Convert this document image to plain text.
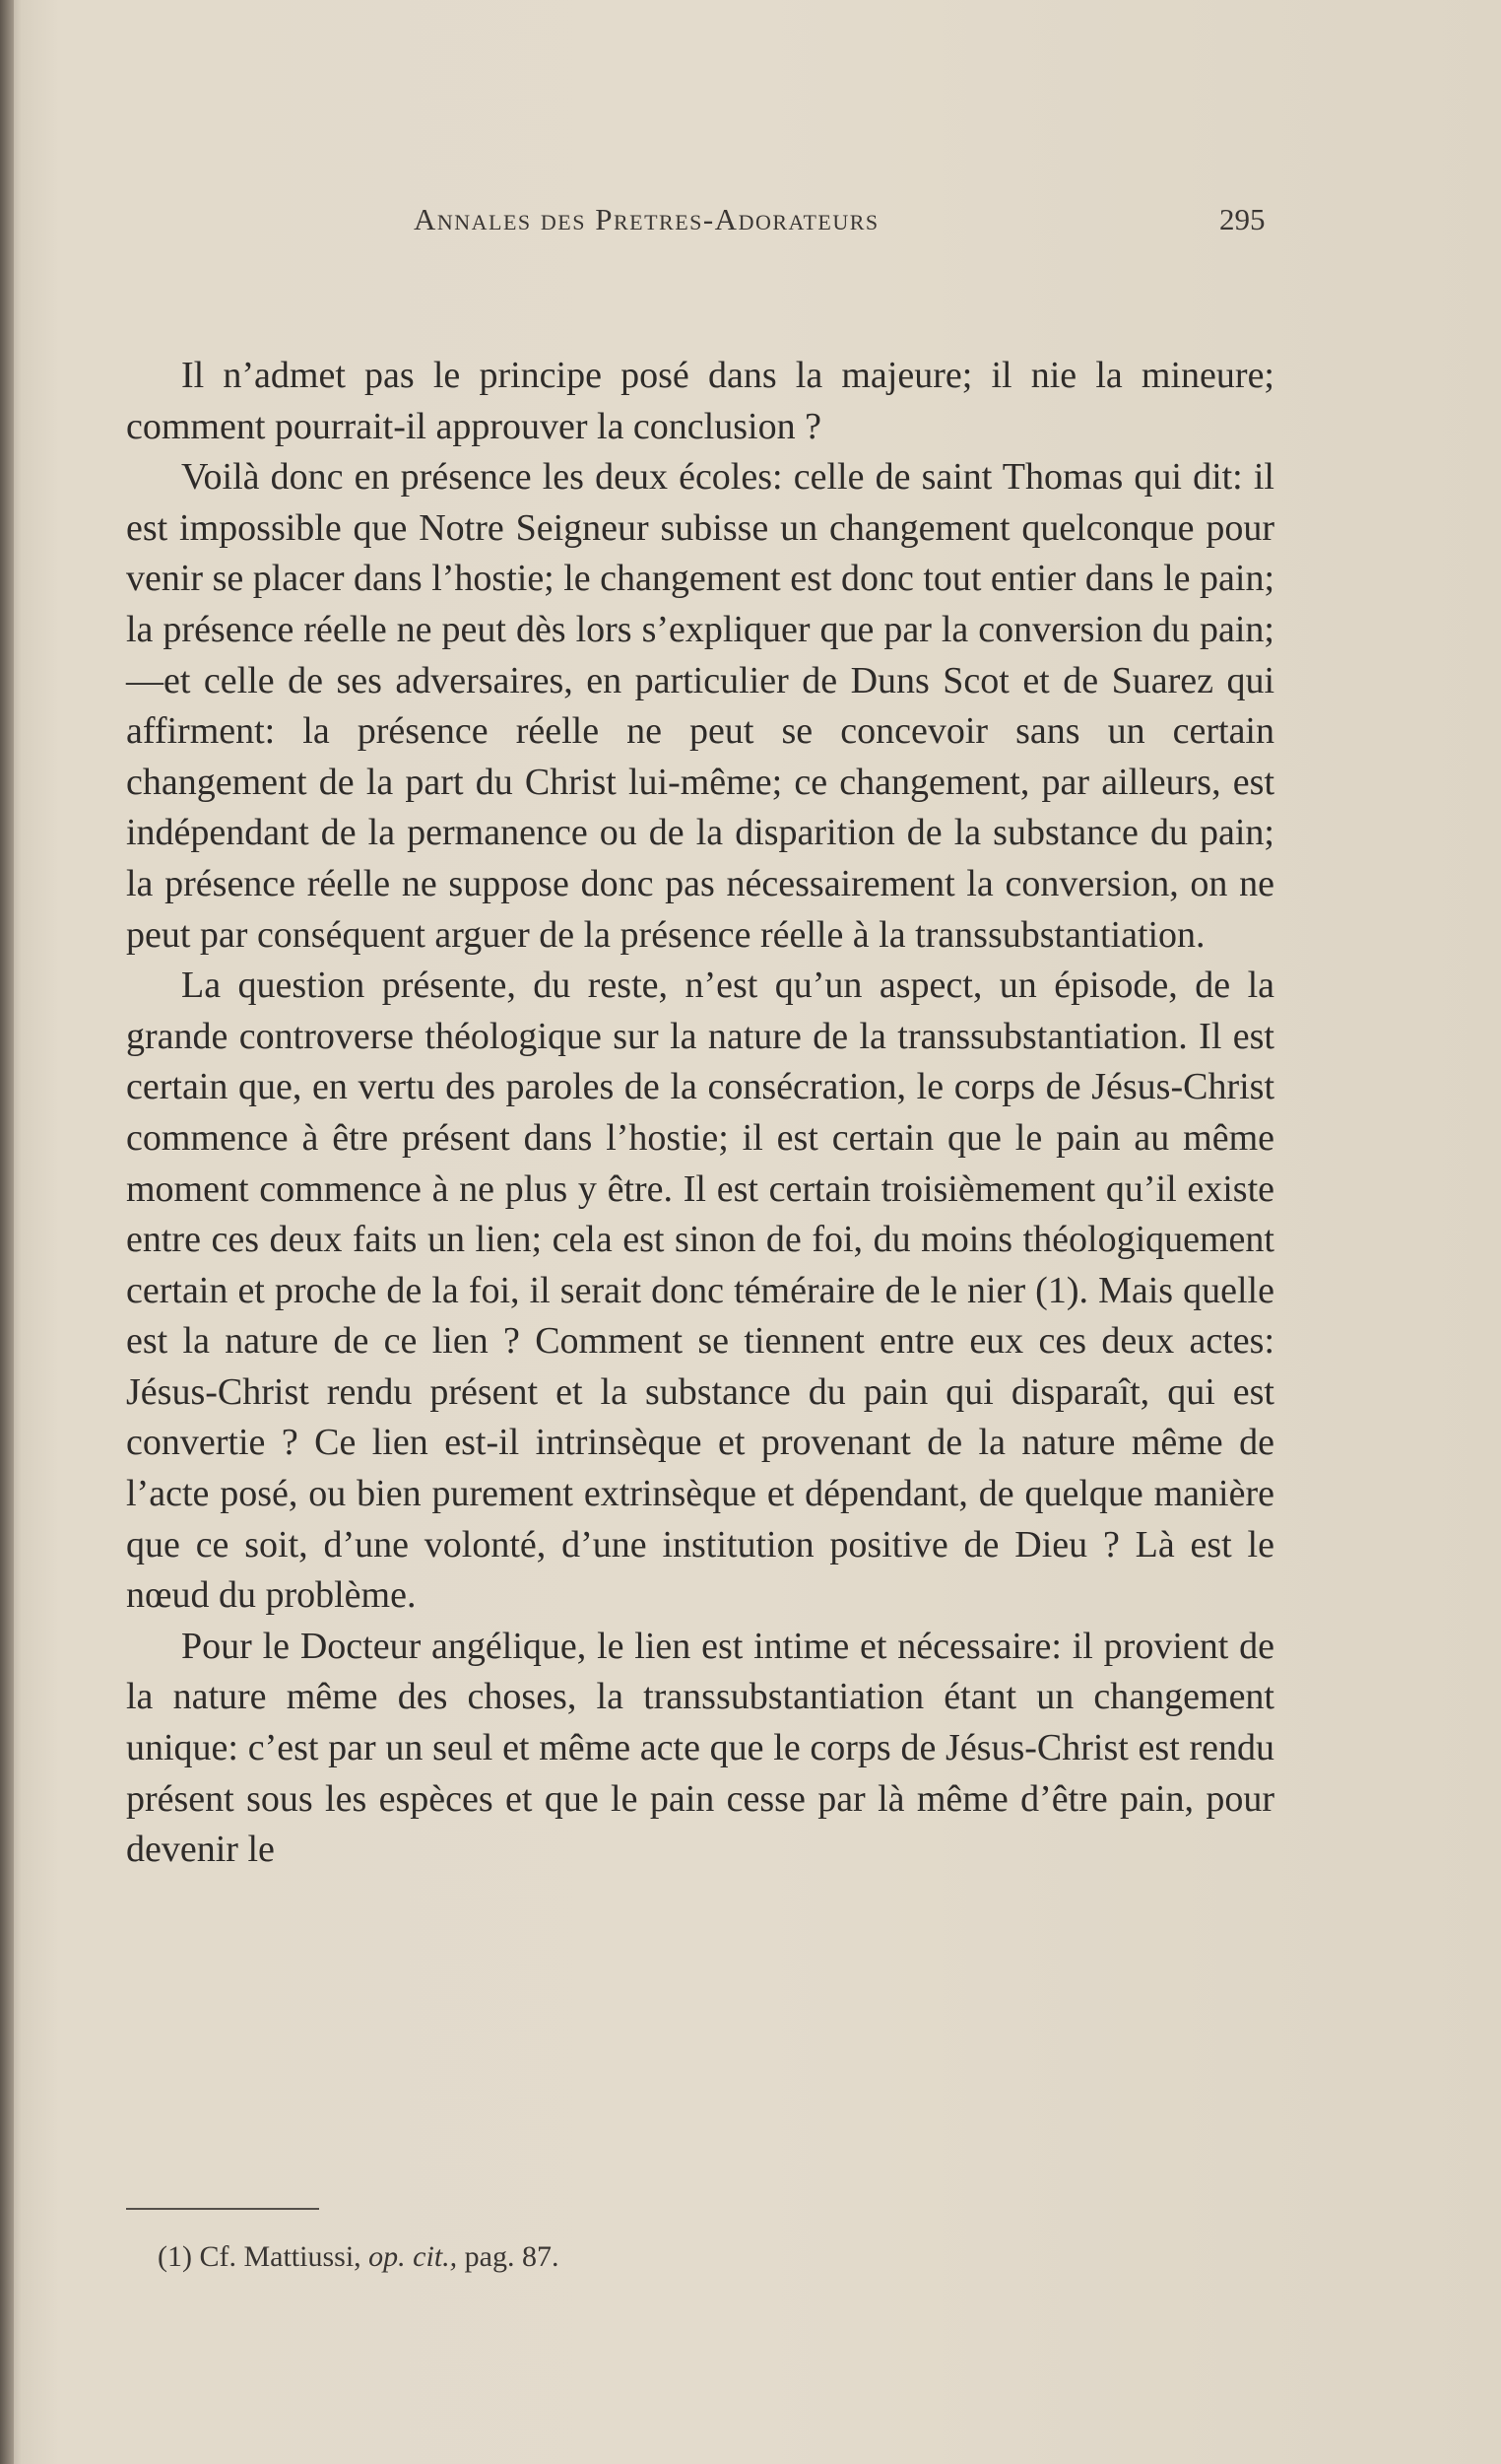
Annales des Pretres-Adorateurs	295

Il n’admet pas le principe posé dans la majeure; il nie la mineure; comment pourrait-il approuver la conclusion ?

Voilà donc en présence les deux écoles: celle de saint Thomas qui dit: il est impossible que Notre Seigneur subisse un changement quelconque pour venir se placer dans l’hostie; le changement est donc tout entier dans le pain; la présence réelle ne peut dès lors s’expliquer que par la conversion du pain; —et celle de ses adversaires, en particulier de Duns Scot et de Suarez qui affirment: la présence réelle ne peut se concevoir sans un certain changement de la part du Christ lui-même; ce changement, par ailleurs, est indépendant de la permanence ou de la disparition de la substance du pain; la présence réelle ne suppose donc pas nécessairement la conversion, on ne peut par conséquent arguer de la présence réelle à la transsubstantiation.

La question présente, du reste, n’est qu’un aspect, un épisode, de la grande controverse théologique sur la nature de la transsubstantiation. Il est certain que, en vertu des paroles de la consécration, le corps de Jésus-Christ commence à être présent dans l’hostie; il est certain que le pain au même moment commence à ne plus y être. Il est certain troisièmement qu’il existe entre ces deux faits un lien; cela est sinon de foi, du moins théologiquement certain et proche de la foi, il serait donc téméraire de le nier (1). Mais quelle est la nature de ce lien ? Comment se tiennent entre eux ces deux actes: Jésus-Christ rendu présent et la substance du pain qui disparaît, qui est convertie ? Ce lien est-il intrinsèque et provenant de la nature même de l’acte posé, ou bien purement extrinsèque et dépendant, de quelque manière que ce soit, d’une volonté, d’une institution positive de Dieu ? Là est le nœud du problème.

Pour le Docteur angélique, le lien est intime et nécessaire: il provient de la nature même des choses, la transsubstantiation étant un changement unique: c’est par un seul et même acte que le corps de Jésus-Christ est rendu présent sous les espèces et que le pain cesse par là même d’être pain, pour devenir le

(1) Cf. Mattiussi, op. cit., pag. 87.
